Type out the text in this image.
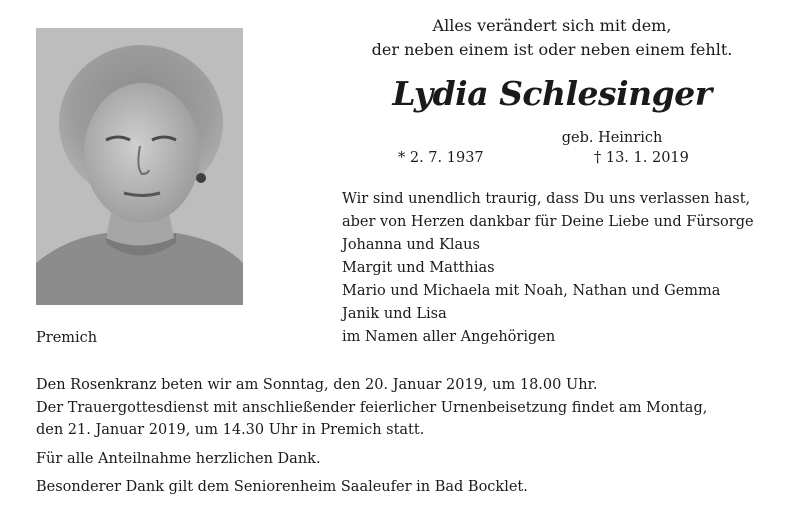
Alles verändert sich mit dem,
der neben einem ist oder neben einem fehlt.
Lydia Schlesinger
geb. Heinrich
* 2. 7. 1937	† 13. 1. 2019
Wir sind unendlich traurig, dass Du uns verlassen hast,
aber von Herzen dankbar für Deine Liebe und Fürsorge
Johanna und Klaus
Margit und Matthias
Mario und Michaela mit Noah, Nathan und Gemma
Janik und Lisa
im Namen aller Angehörigen
Premich
Den Rosenkranz beten wir am Sonntag, den 20. Januar 2019, um 18.00 Uhr.
Der Trauergottesdienst mit anschließender feierlicher Urnenbeisetzung findet am Montag,
den 21. Januar 2019, um 14.30 Uhr in Premich statt.
Für alle Anteilnahme herzlichen Dank.
Besonderer Dank gilt dem Seniorenheim Saaleufer in Bad Bocklet.
